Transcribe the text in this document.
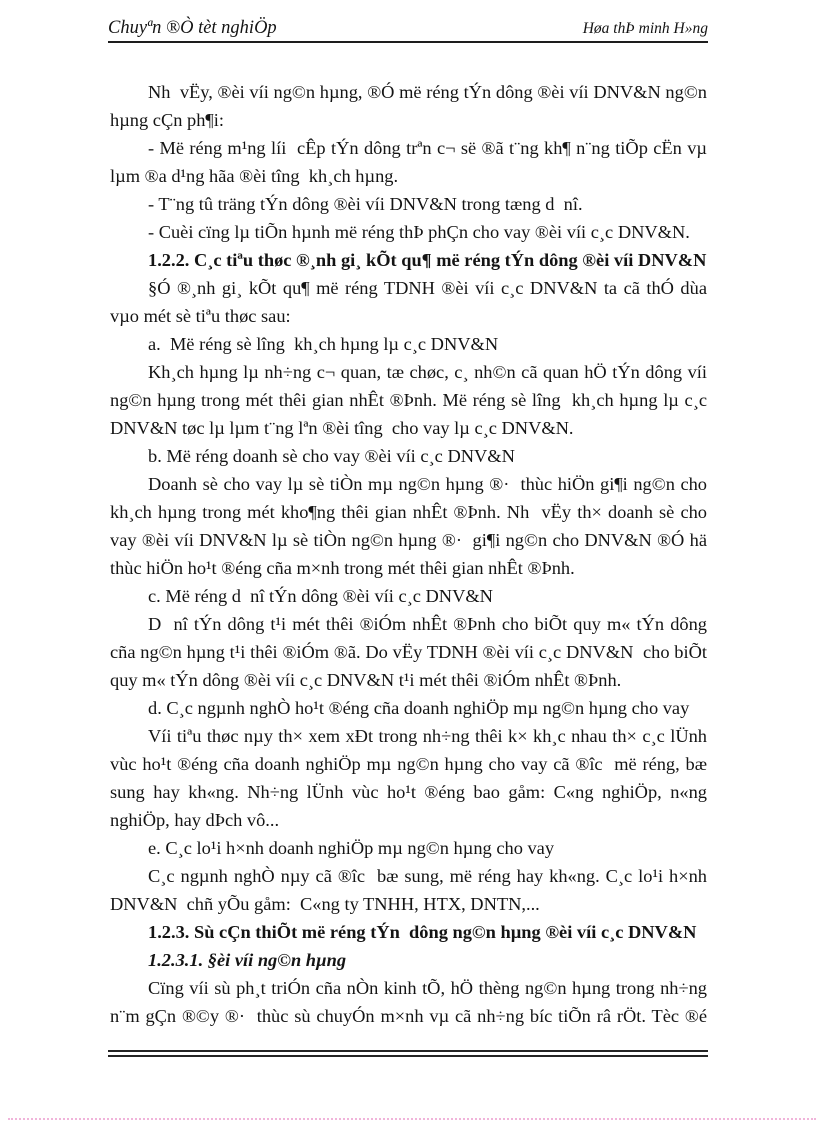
Chuyªn ®Ò tèt nghiÖp	Høa thÞ minh H»ng

Nh  vËy, ®èi víi ng©n hµng, ®Ó më réng tÝn dông ®èi víi DNV&N ng©n hµng cÇn ph¶i:

- Më réng m¹ng líi  cÊp tÝn dông trªn c¬ së ®ã t¨ng kh¶ n¨ng tiÕp cËn vµ lµm ®a d¹ng hãa ®èi tîng  kh¸ch hµng.

- T¨ng tû träng tÝn dông ®èi víi DNV&N trong tæng d  nî.

- Cuèi cïng lµ tiÕn hµnh më réng thÞ phÇn cho vay ®èi víi c¸c DNV&N.

1.2.2. C¸c tiªu thøc ®¸nh gi¸ kÕt qu¶ më réng tÝn dông ®èi víi DNV&N

§Ó ®¸nh gi¸ kÕt qu¶ më réng TDNH ®èi víi c¸c DNV&N ta cã thÓ dùa vµo mét sè tiªu thøc sau:

a.  Më réng sè lîng  kh¸ch hµng lµ c¸c DNV&N

Kh¸ch hµng lµ nh÷ng c¬ quan, tæ chøc, c¸ nh©n cã quan hÖ tÝn dông víi ng©n hµng trong mét thêi gian nhÊt ®Þnh. Më réng sè lîng  kh¸ch hµng lµ c¸c DNV&N tøc lµ lµm t¨ng lªn ®èi tîng  cho vay lµ c¸c DNV&N.

b. Më réng doanh sè cho vay ®èi víi c¸c DNV&N

Doanh sè cho vay lµ sè tiÒn mµ ng©n hµng ®·  thùc hiÖn gi¶i ng©n cho kh¸ch hµng trong mét kho¶ng thêi gian nhÊt ®Þnh. Nh  vËy th× doanh sè cho vay ®èi víi DNV&N lµ sè tiÒn ng©n hµng ®·  gi¶i ng©n cho DNV&N ®Ó hä thùc hiÖn ho¹t ®éng cña m×nh trong mét thêi gian nhÊt ®Þnh.

c. Më réng d  nî tÝn dông ®èi víi c¸c DNV&N

D  nî tÝn dông t¹i mét thêi ®iÓm nhÊt ®Þnh cho biÕt quy m« tÝn dông cña ng©n hµng t¹i thêi ®iÓm ®ã. Do vËy TDNH ®èi víi c¸c DNV&N  cho biÕt quy m« tÝn dông ®èi víi c¸c DNV&N t¹i mét thêi ®iÓm nhÊt ®Þnh.

d. C¸c ngµnh nghÒ ho¹t ®éng cña doanh nghiÖp mµ ng©n hµng cho vay

Víi tiªu thøc nµy th× xem xÐt trong nh÷ng thêi k× kh¸c nhau th× c¸c lÜnh vùc ho¹t ®éng cña doanh nghiÖp mµ ng©n hµng cho vay cã ®îc  më réng, bæ sung hay kh«ng. Nh÷ng lÜnh vùc ho¹t ®éng bao gåm: C«ng nghiÖp, n«ng nghiÖp, hay dÞch vô...

e. C¸c lo¹i h×nh doanh nghiÖp mµ ng©n hµng cho vay

C¸c ngµnh nghÒ nµy cã ®îc  bæ sung, më réng hay kh«ng. C¸c lo¹i h×nh DNV&N  chñ yÕu gåm:  C«ng ty TNHH, HTX, DNTN,...

1.2.3. Sù cÇn thiÕt më réng tÝn  dông ng©n hµng ®èi víi c¸c DNV&N

1.2.3.1. §èi víi ng©n hµng

Cïng víi sù ph¸t triÓn cña nÒn kinh tÕ, hÖ thèng ng©n hµng trong nh÷ng n¨m gÇn ®©y ®·  thùc sù chuyÓn m×nh vµ cã nh÷ng bíc tiÕn râ rÖt. Tèc ®é
